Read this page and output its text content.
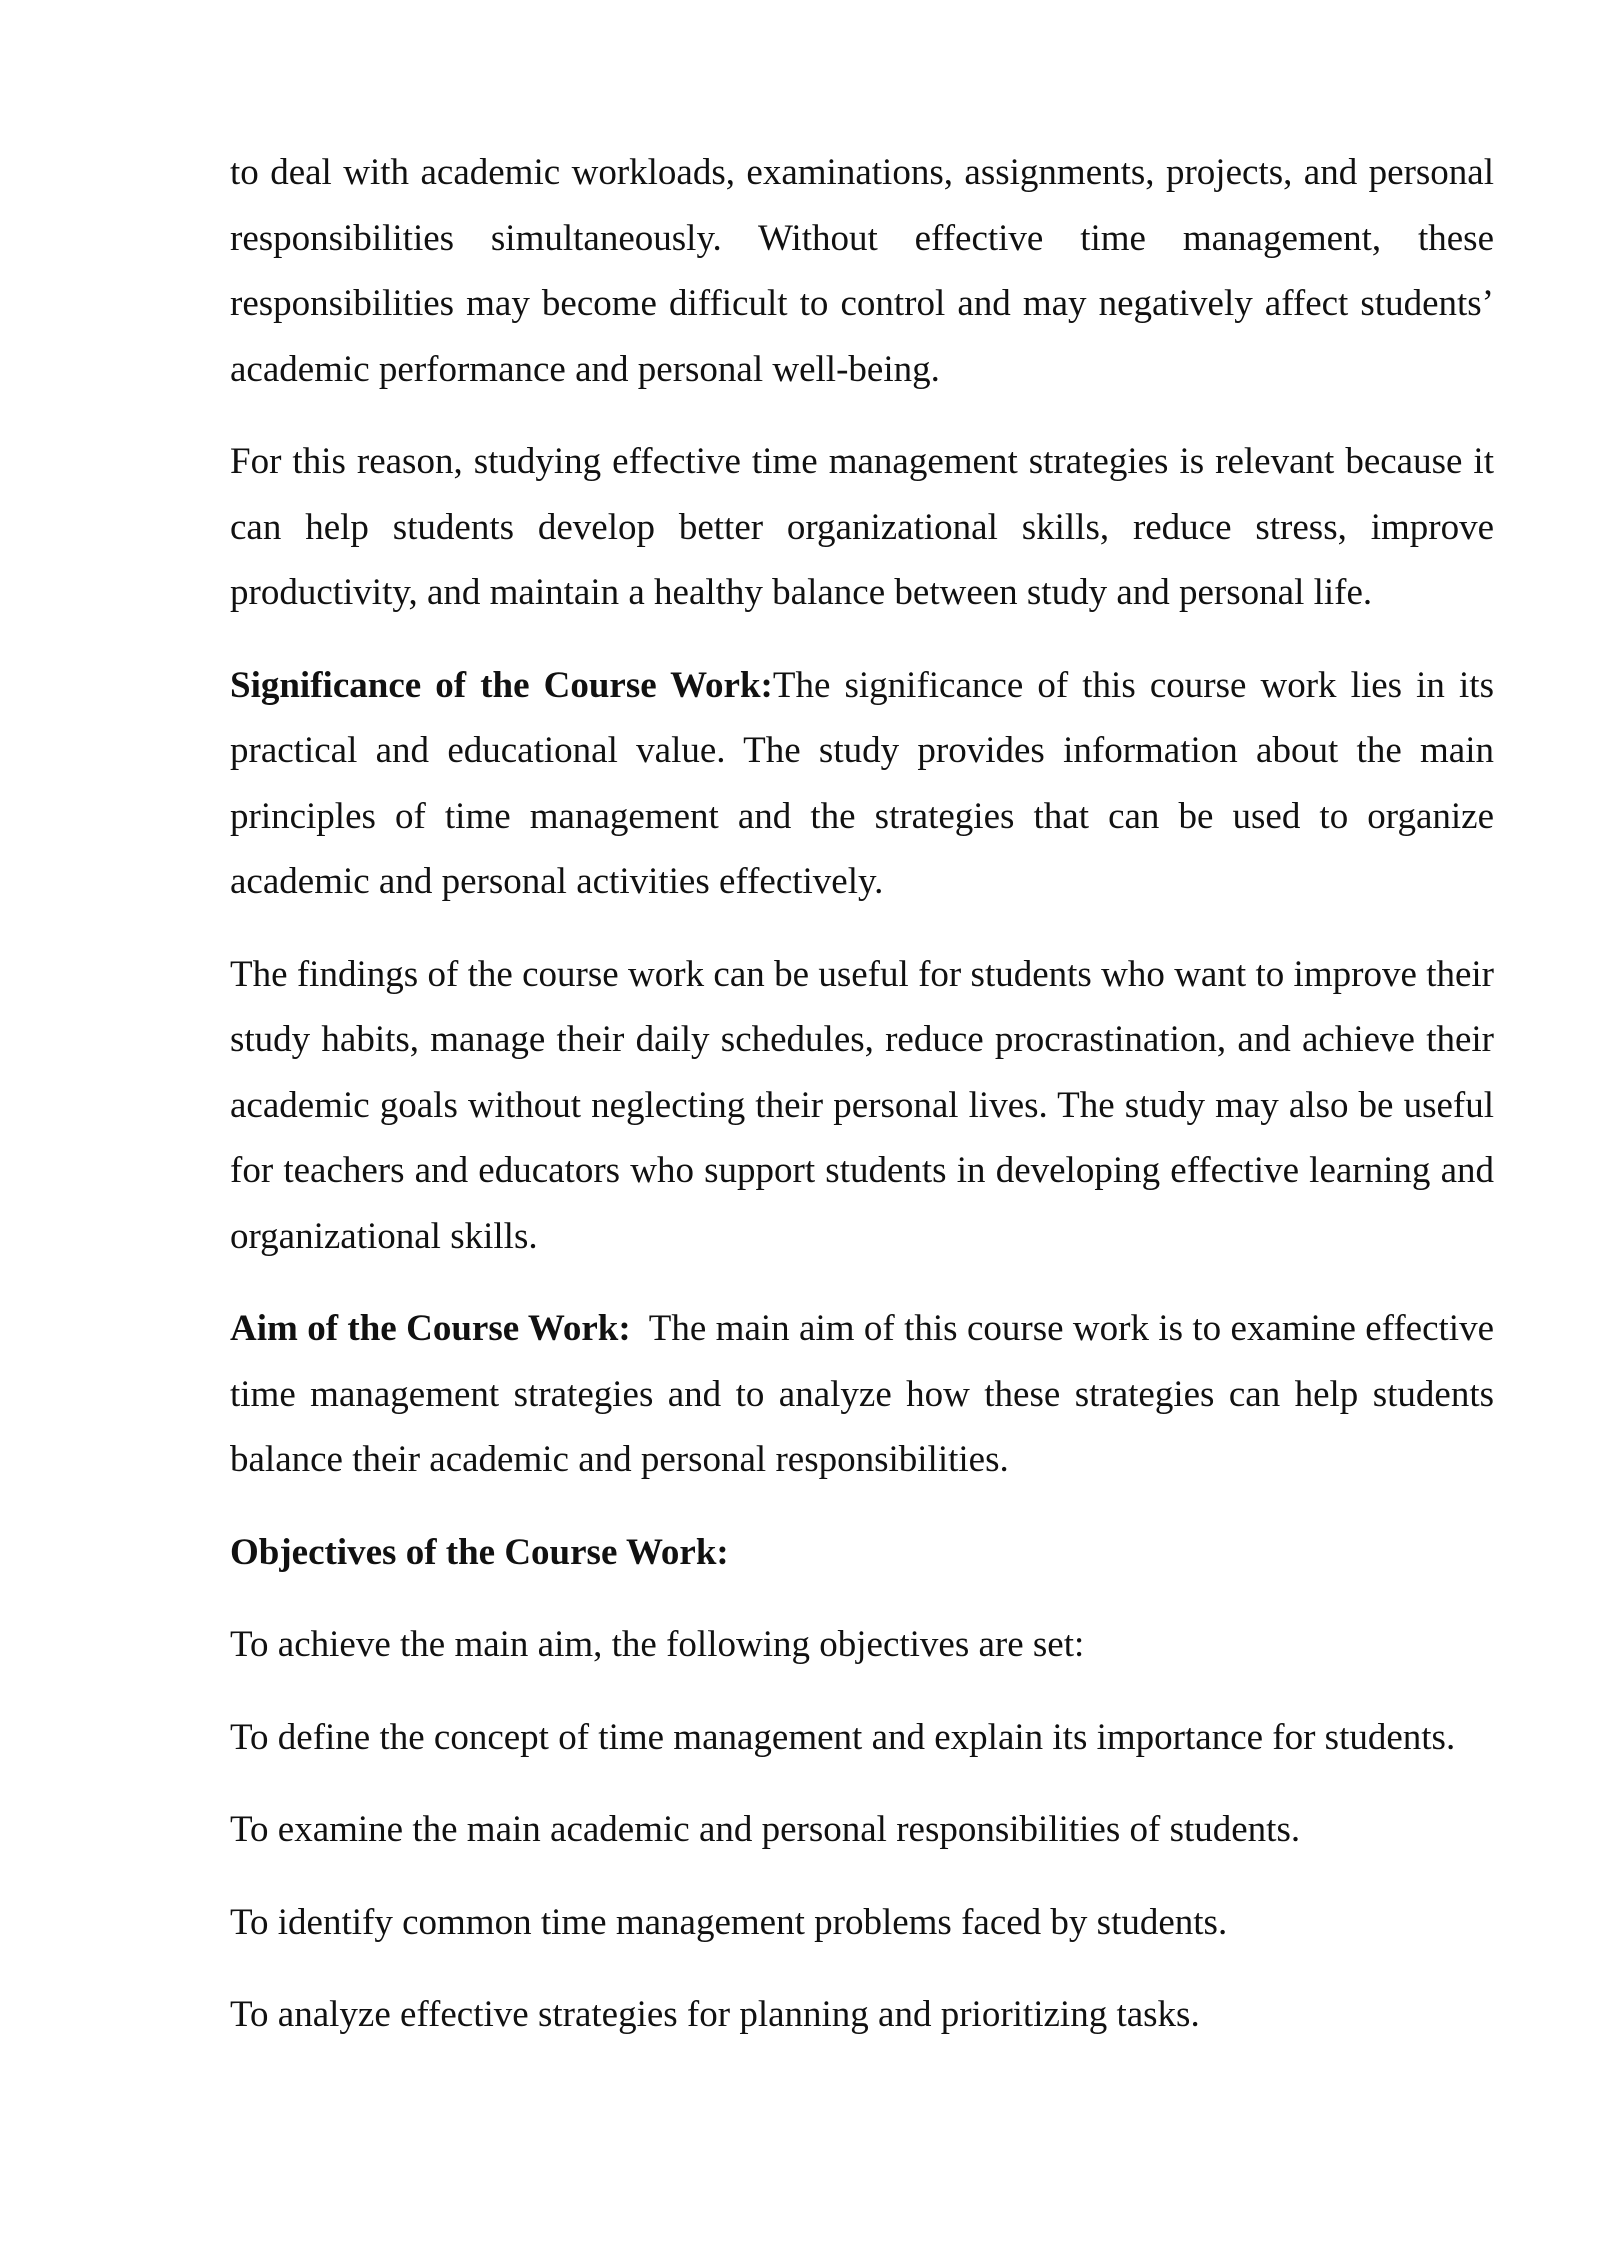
to deal with academic workloads, examinations, assignments, projects, and personal responsibilities simultaneously. Without effective time management, these responsibilities may become difficult to control and may negatively affect students’ academic performance and personal well-being.

For this reason, studying effective time management strategies is relevant because it can help students develop better organizational skills, reduce stress, improve productivity, and maintain a healthy balance between study and personal life.

Significance of the Course Work:The significance of this course work lies in its practical and educational value. The study provides information about the main principles of time management and the strategies that can be used to organize academic and personal activities effectively.

The findings of the course work can be useful for students who want to improve their study habits, manage their daily schedules, reduce procrastination, and achieve their academic goals without neglecting their personal lives. The study may also be useful for teachers and educators who support students in developing effective learning and organizational skills.

Aim of the Course Work:  The main aim of this course work is to examine effective time management strategies and to analyze how these strategies can help students balance their academic and personal responsibilities.

Objectives of the Course Work:

To achieve the main aim, the following objectives are set:

To define the concept of time management and explain its importance for students.

To examine the main academic and personal responsibilities of students.

To identify common time management problems faced by students.

To analyze effective strategies for planning and prioritizing tasks.
